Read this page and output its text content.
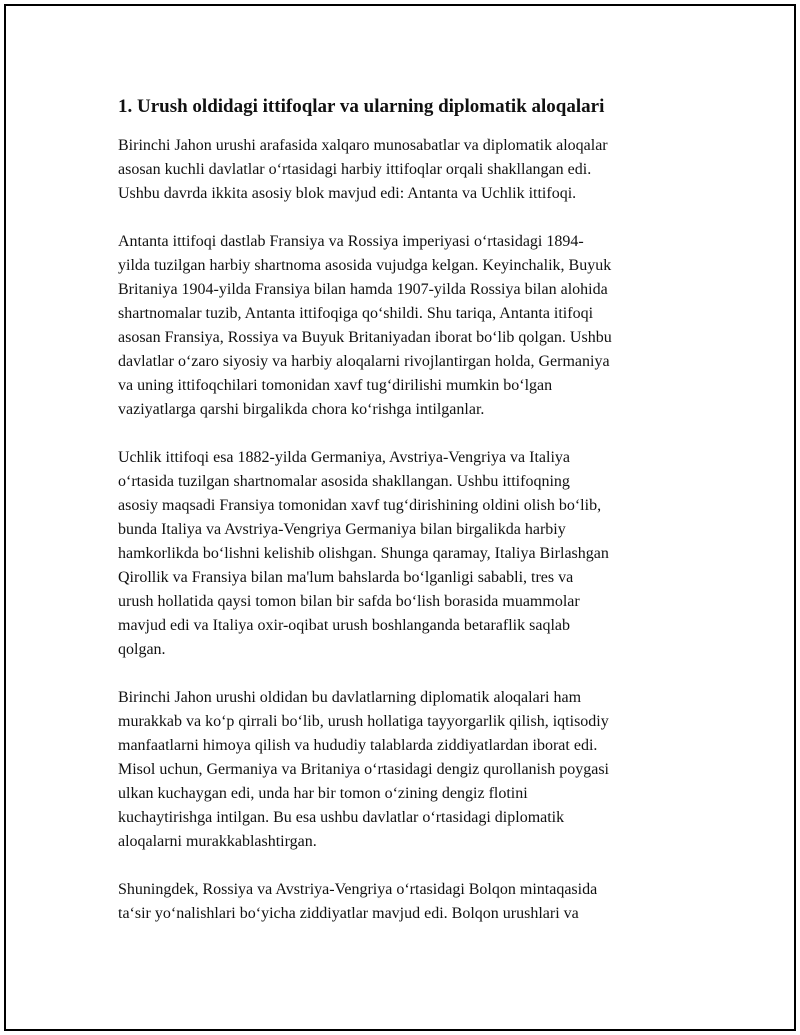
1. Urush oldidagi ittifoqlar va ularning diplomatik aloqalari
Birinchi Jahon urushi arafasida xalqaro munosabatlar va diplomatik aloqalar
asosan kuchli davlatlar o‘rtasidagi harbiy ittifoqlar orqali shakllangan edi.
Ushbu davrda ikkita asosiy blok mavjud edi: Antanta va Uchlik ittifoqi.
Antanta ittifoqi dastlab Fransiya va Rossiya imperiyasi o‘rtasidagi 1894-
yilda tuzilgan harbiy shartnoma asosida vujudga kelgan. Keyinchalik, Buyuk
Britaniya 1904-yilda Fransiya bilan hamda 1907-yilda Rossiya bilan alohida
shartnomalar tuzib, Antanta ittifoqiga qo‘shildi. Shu tariqa, Antanta itifoqi
asosan Fransiya, Rossiya va Buyuk Britaniyadan iborat bo‘lib qolgan. Ushbu
davlatlar o‘zaro siyosiy va harbiy aloqalarni rivojlantirgan holda, Germaniya
va uning ittifoqchilari tomonidan xavf tug‘dirilishi mumkin bo‘lgan
vaziyatlarga qarshi birgalikda chora ko‘rishga intilganlar.
Uchlik ittifoqi esa 1882-yilda Germaniya, Avstriya-Vengriya va Italiya
o‘rtasida tuzilgan shartnomalar asosida shakllangan. Ushbu ittifoqning
asosiy maqsadi Fransiya tomonidan xavf tug‘dirishining oldini olish bo‘lib,
bunda Italiya va Avstriya-Vengriya Germaniya bilan birgalikda harbiy
hamkorlikda bo‘lishni kelishib olishgan. Shunga qaramay, Italiya Birlashgan
Qirollik va Fransiya bilan ma'lum bahslarda bo‘lganligi sababli, tres va
urush hollatida qaysi tomon bilan bir safda bo‘lish borasida muammolar
mavjud edi va Italiya oxir-oqibat urush boshlanganda betaraflik saqlab
qolgan.
Birinchi Jahon urushi oldidan bu davlatlarning diplomatik aloqalari ham
murakkab va ko‘p qirrali bo‘lib, urush hollatiga tayyorgarlik qilish, iqtisodiy
manfaatlarni himoya qilish va hududiy talablarda ziddiyatlardan iborat edi.
Misol uchun, Germaniya va Britaniya o‘rtasidagi dengiz qurollanish poygasi
ulkan kuchaygan edi, unda har bir tomon o‘zining dengiz flotini
kuchaytirishga intilgan. Bu esa ushbu davlatlar o‘rtasidagi diplomatik
aloqalarni murakkablashtirgan.
Shuningdek, Rossiya va Avstriya-Vengriya o‘rtasidagi Bolqon mintaqasida
ta‘sir yo‘nalishlari bo‘yicha ziddiyatlar mavjud edi. Bolqon urushlari va
